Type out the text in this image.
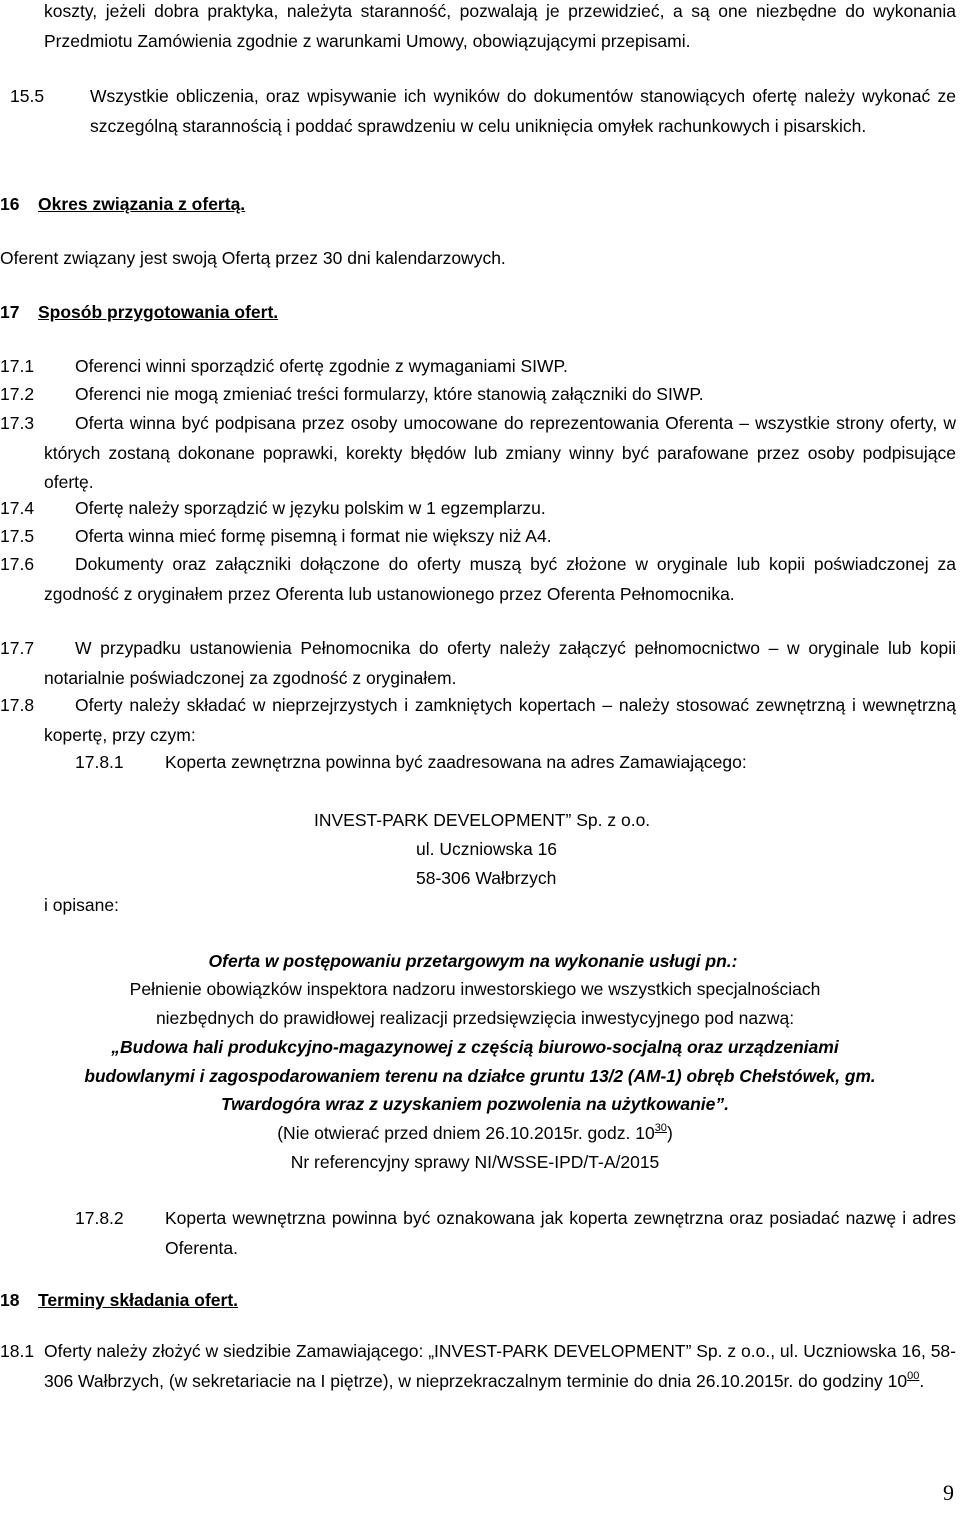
koszty, jeżeli dobra praktyka, należyta staranność, pozwalają je przewidzieć, a są one niezbędne do wykonania Przedmiotu Zamówienia zgodnie z warunkami Umowy, obowiązującymi przepisami.
15.5	Wszystkie obliczenia, oraz wpisywanie ich wyników do dokumentów stanowiących ofertę należy wykonać ze szczególną starannością i poddać sprawdzeniu w celu uniknięcia omyłek rachunkowych i pisarskich.
16 Okres związania z ofertą.
Oferent związany jest swoją Ofertą przez 30 dni kalendarzowych.
17 Sposób przygotowania ofert.
17.1 Oferenci winni sporządzić ofertę zgodnie z wymaganiami SIWP.
17.2 Oferenci nie mogą zmieniać treści formularzy, które stanowią załączniki do SIWP.
17.3	Oferta winna być podpisana przez osoby umocowane do reprezentowania Oferenta – wszystkie strony oferty, w których zostaną dokonane poprawki, korekty błędów lub zmiany winny być parafowane przez osoby podpisujące ofertę.
17.4 Ofertę należy sporządzić w języku polskim w 1 egzemplarzu.
17.5 Oferta winna mieć formę pisemną i format nie większy niż A4.
17.6	Dokumenty oraz załączniki dołączone do oferty muszą być złożone w oryginale lub kopii poświadczonej za zgodność z oryginałem przez Oferenta lub ustanowionego przez Oferenta Pełnomocnika.
17.7	W przypadku ustanowienia Pełnomocnika do oferty należy załączyć pełnomocnictwo – w oryginale lub kopii notarialnie poświadczonej za zgodność z oryginałem.
17.8	Oferty należy składać w nieprzejrzystych i zamkniętych kopertach – należy stosować zewnętrzną i wewnętrzną kopertę, przy czym:
17.8.1 Koperta zewnętrzna powinna być zaadresowana na adres Zamawiającego:
INVEST-PARK DEVELOPMENT” Sp. z o.o.
ul. Uczniowska 16
58-306 Wałbrzych
i opisane:
Oferta w postępowaniu przetargowym na wykonanie usługi pn.:
Pełnienie obowiązków inspektora nadzoru inwestorskiego we wszystkich specjalnościach
niezbędnych do prawidłowej realizacji przedsięwzięcia inwestycyjnego pod nazwą:
„Budowa hali produkcyjno-magazynowej z częścią biurowo-socjalną oraz urządzeniami
budowlanymi i zagospodarowaniem terenu na działce gruntu 13/2 (AM-1) obręb Chełstówek, gm.
Twardogóra wraz z uzyskaniem pozwolenia na użytkowanie”.
(Nie otwierać przed dniem 26.10.2015r. godz. $10^{30}$)
Nr referencyjny sprawy NI/WSSE-IPD/T-A/2015
17.8.2 Koperta wewnętrzna powinna być oznakowana jak koperta zewnętrzna oraz posiadać nazwę i adres Oferenta.
18 Terminy składania ofert.
18.1 Oferty należy złożyć w siedzibie Zamawiającego: „INVEST-PARK DEVELOPMENT” Sp. z o.o., ul. Uczniowska 16, 58-306 Wałbrzych, (w sekretariacie na I piętrze), w nieprzekraczalnym terminie do dnia 26.10.2015r. do godziny $10^{00}$.
9
